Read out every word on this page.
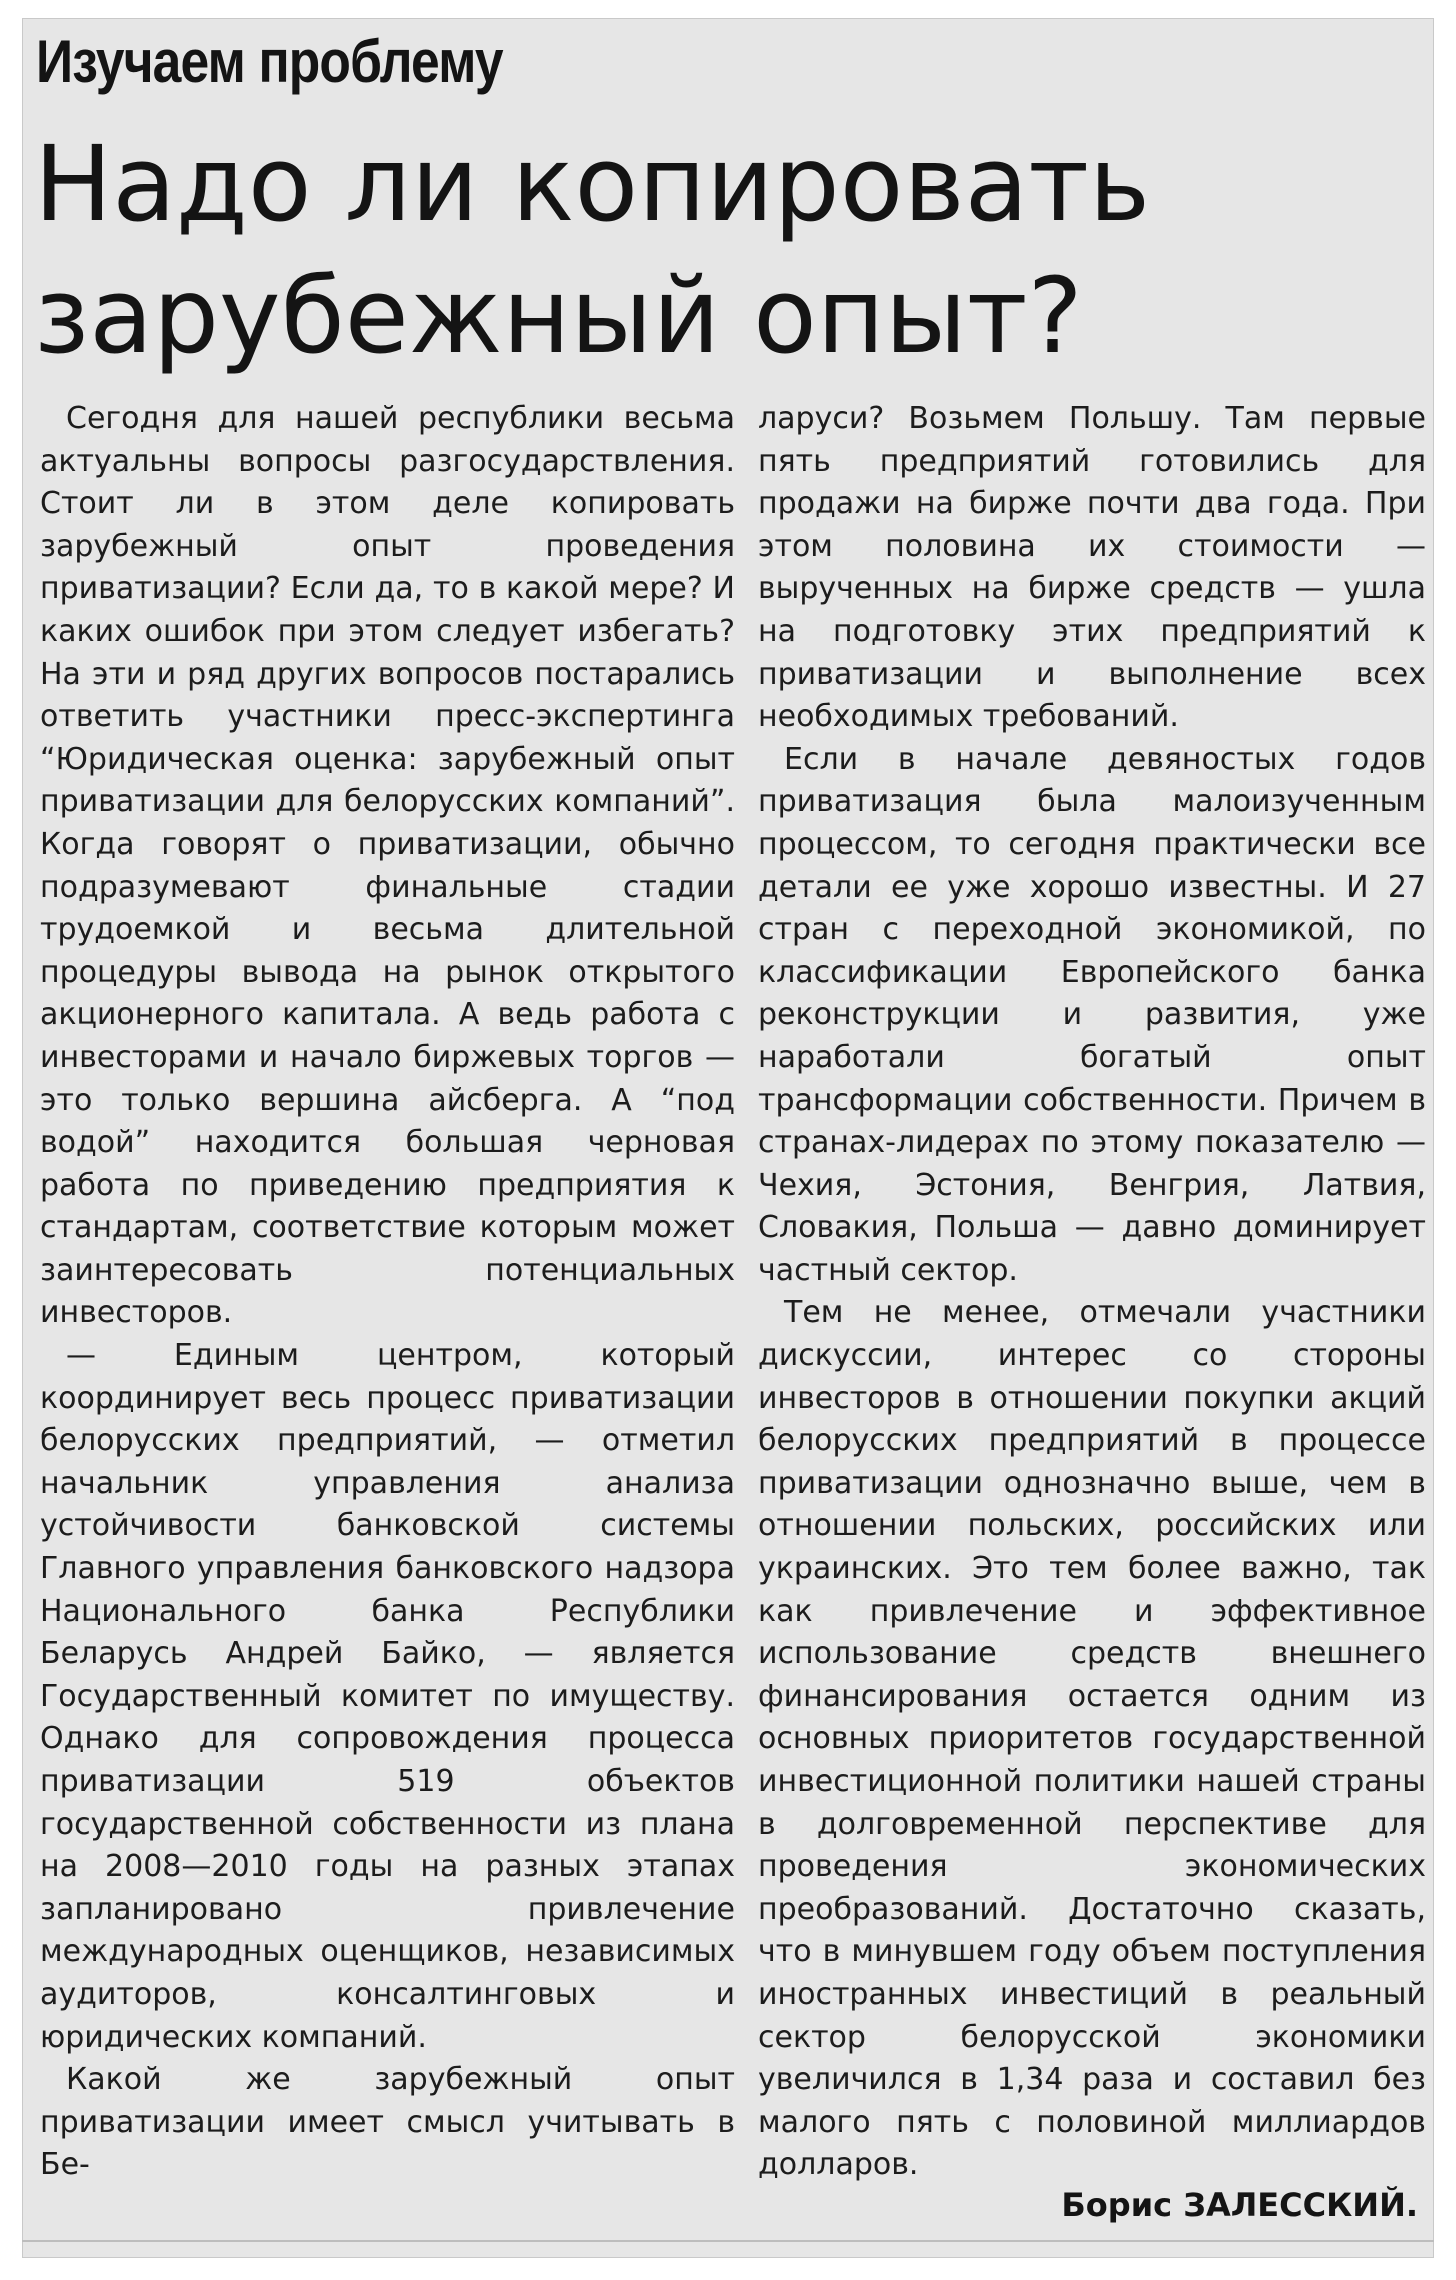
Изучаем проблему
Надо ли копировать
зарубежный опыт?

Сегодня для нашей республики весьма актуальны вопросы разгосударствления. Стоит ли в этом деле копировать зарубежный опыт проведения приватизации? Если да, то в какой мере? И каких ошибок при этом следует избегать? На эти и ряд других вопросов постарались ответить участники пресс-экспертинга “Юридическая оценка: зарубежный опыт приватизации для белорусских компаний”. Когда говорят о приватизации, обычно подразумевают финальные стадии трудоемкой и весьма длительной процедуры вывода на рынок открытого акционерного капитала. А ведь работа с инвесторами и начало биржевых торгов — это только вершина айсберга. А “под водой” находится большая черновая работа по приведению предприятия к стандартам, соответствие которым может заинтересовать потенциальных инвесторов.

— Единым центром, который координирует весь процесс приватизации белорусских предприятий, — отметил начальник управления анализа устойчивости банковской системы Главного управления банковского надзора Национального банка Республики Беларусь Андрей Байко, — является Государственный комитет по имуществу. Однако для сопровождения процесса приватизации 519 объектов государственной собственности из плана на 2008—2010 годы на разных этапах запланировано привлечение международных оценщиков, независимых аудиторов, консалтинговых и юридических компаний.

Какой же зарубежный опыт приватизации имеет смысл учитывать в Бе-

ларуси? Возьмем Польшу. Там первые пять предприятий готовились для продажи на бирже почти два года. При этом половина их стоимости — вырученных на бирже средств — ушла на подготовку этих предприятий к приватизации и выполнение всех необходимых требований.

Если в начале девяностых годов приватизация была малоизученным процессом, то сегодня практически все детали ее уже хорошо известны. И 27 стран с переходной экономикой, по классификации Европейского банка реконструкции и развития, уже наработали богатый опыт трансформации собственности. Причем в странах-лидерах по этому показателю — Чехия, Эстония, Венгрия, Латвия, Словакия, Польша — давно доминирует частный сектор.

Тем не менее, отмечали участники дискуссии, интерес со стороны инвесторов в отношении покупки акций белорусских предприятий в процессе приватизации однозначно выше, чем в отношении польских, российских или украинских. Это тем более важно, так как привлечение и эффективное использование средств внешнего финансирования остается одним из основных приоритетов государственной инвестиционной политики нашей страны в долговременной перспективе для проведения экономических преобразований. Достаточно сказать, что в минувшем году объем поступления иностранных инвестиций в реальный сектор белорусской экономики увеличился в 1,34 раза и составил без малого пять с половиной миллиардов долларов.

Борис ЗАЛЕССКИЙ.
